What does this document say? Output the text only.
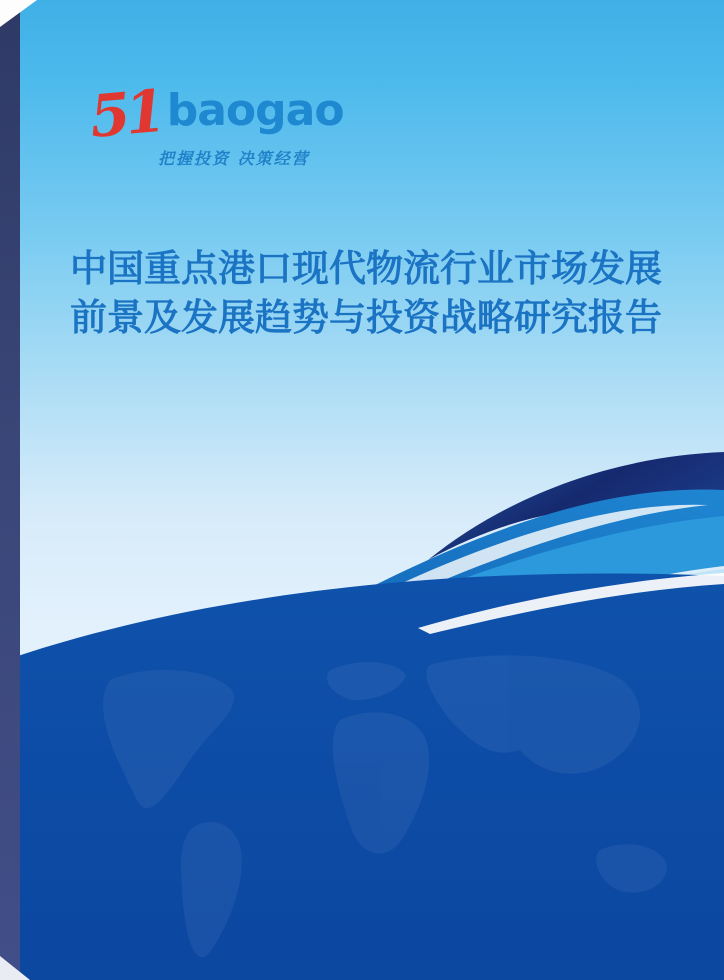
51 baogao
把握投资 决策经营
中国重点港口现代物流行业市场发展
前景及发展趋势与投资战略研究报告
